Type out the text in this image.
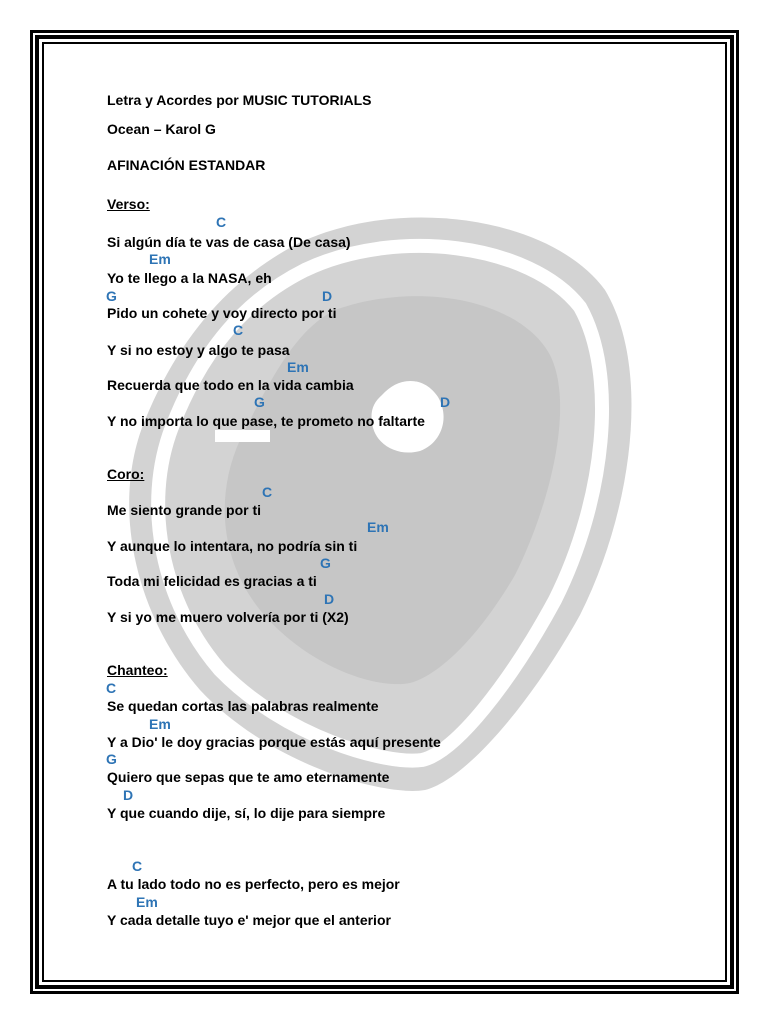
Letra y Acordes por MUSIC TUTORIALS
Ocean – Karol G
AFINACIÓN ESTANDAR
Verso:
C
Si algún día te vas de casa (De casa)
Em
Yo te llego a la NASA, eh
G	D
Pido un cohete y voy directo por ti
C
Y si no estoy y algo te pasa
Em
Recuerda que todo en la vida cambia
G	D
Y no importa lo que pase, te prometo no faltarte
Coro:
C
Me siento grande por ti
Em
Y aunque lo intentara, no podría sin ti
G
Toda mi felicidad es gracias a ti
D
Y si yo me muero volvería por ti (X2)
Chanteo:
C
Se quedan cortas las palabras realmente
Em
Y a Dio' le doy gracias porque estás aquí presente
G
Quiero que sepas que te amo eternamente
D
Y que cuando dije, sí, lo dije para siempre
C
A tu lado todo no es perfecto, pero es mejor
Em
Y cada detalle tuyo e' mejor que el anterior
